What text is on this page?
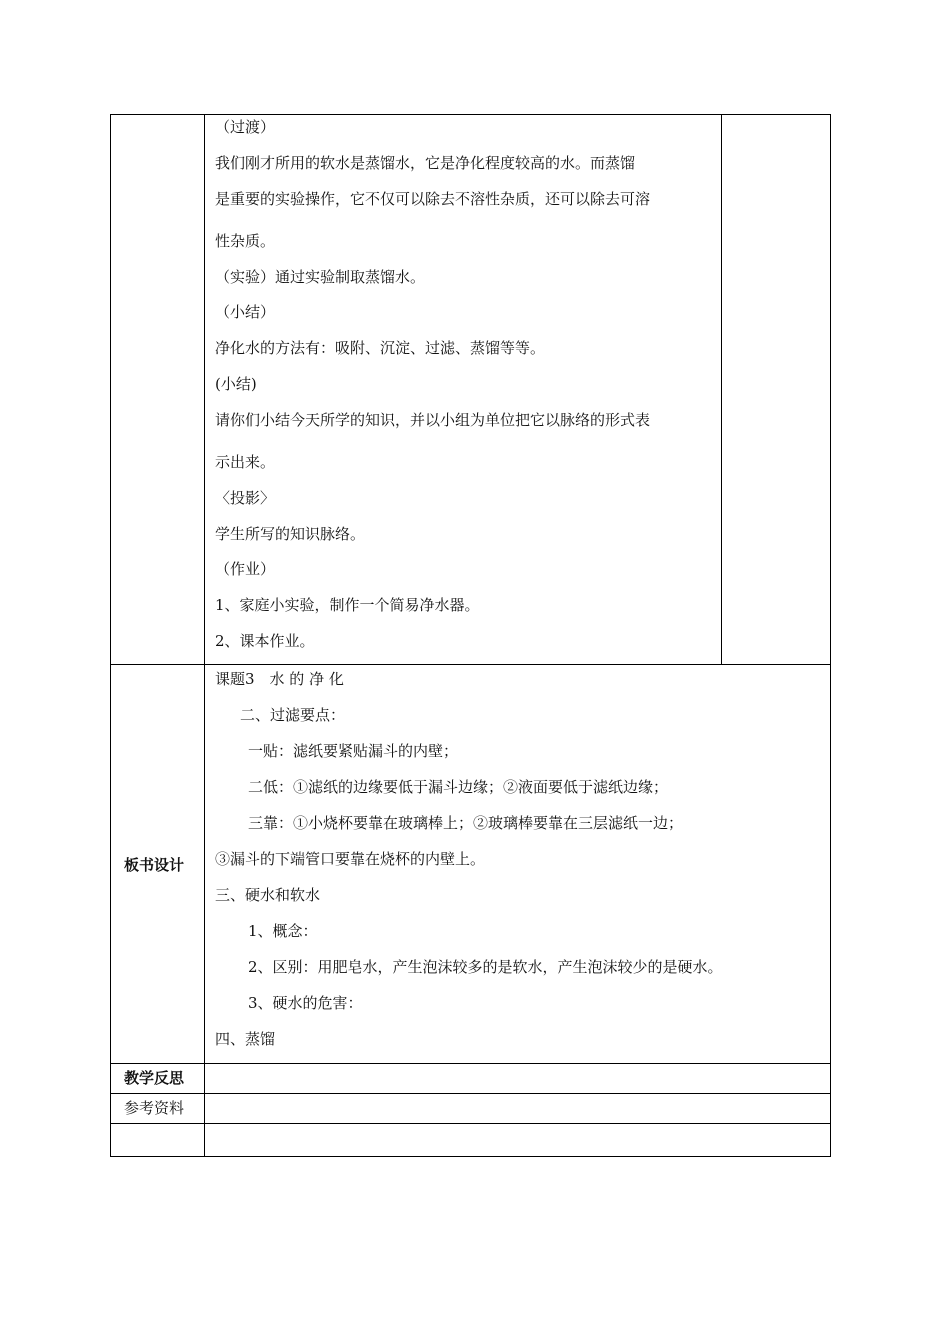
（过渡）
我们刚才所用的软水是蒸馏水，它是净化程度较高的水。而蒸馏
是重要的实验操作，它不仅可以除去不溶性杂质，还可以除去可溶
性杂质。
（实验）通过实验制取蒸馏水。
（小结）
净化水的方法有：吸附、沉淀、过滤、蒸馏等等。
(小结)
请你们小结今天所学的知识，并以小组为单位把它以脉络的形式表
示出来。
〈投影〉
学生所写的知识脉络。
（作业）
1、家庭小实验，制作一个简易净水器。
2、课本作业。
板书设计
课题3　水 的 净 化
二、过滤要点：
一贴：滤纸要紧贴漏斗的内壁；
二低：①滤纸的边缘要低于漏斗边缘；②液面要低于滤纸边缘；
三靠：①小烧杯要靠在玻璃棒上；②玻璃棒要靠在三层滤纸一边；
③漏斗的下端管口要靠在烧杯的内壁上。
三、硬水和软水
1、概念：
2、区别：用肥皂水，产生泡沫较多的是软水，产生泡沫较少的是硬水。
3、硬水的危害：
四、蒸馏
教学反思
参考资料
